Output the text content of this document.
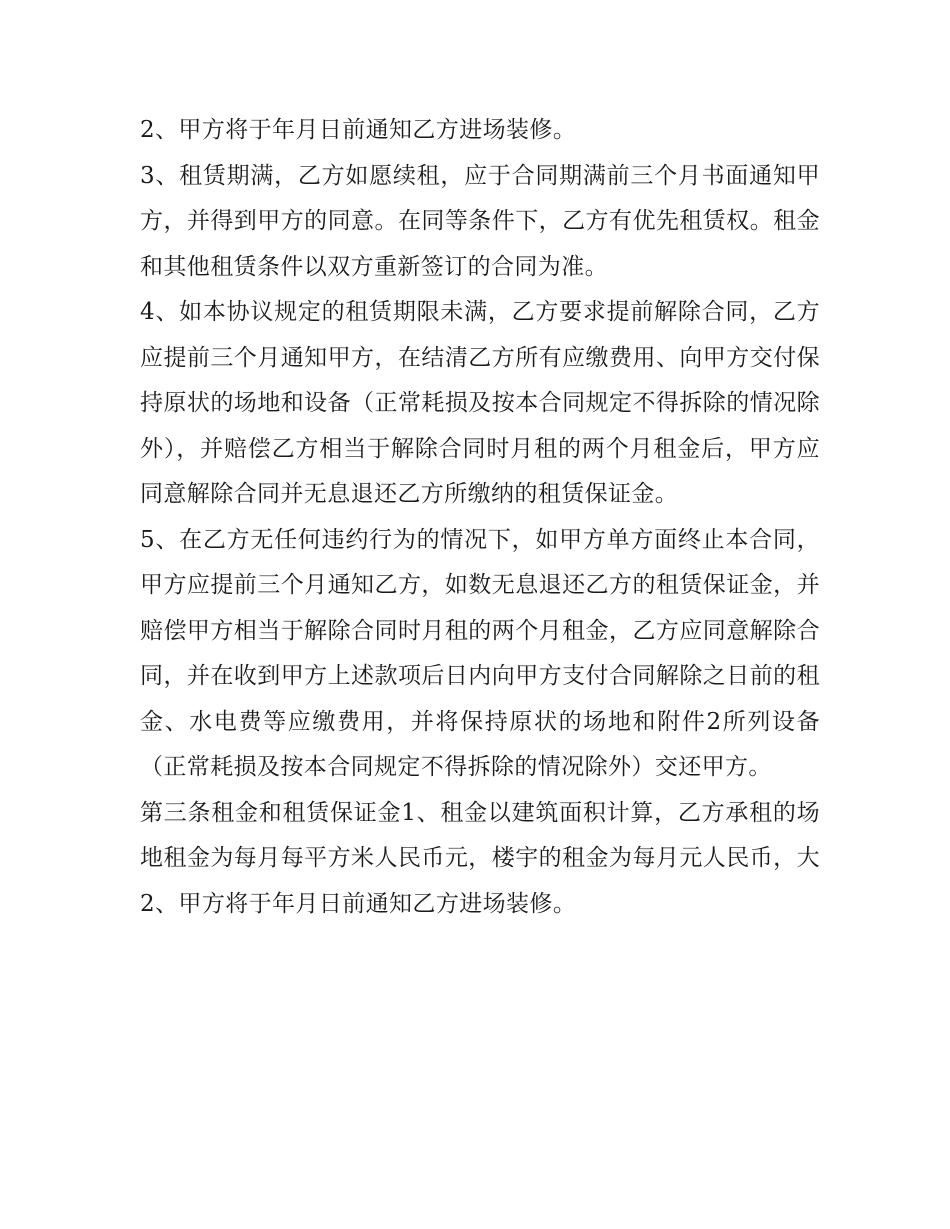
2、甲方将于年月日前通知乙方进场装修。

3、租赁期满，乙方如愿续租，应于合同期满前三个月书面通知甲方，并得到甲方的同意。在同等条件下，乙方有优先租赁权。租金和其他租赁条件以双方重新签订的合同为准。

4、如本协议规定的租赁期限未满，乙方要求提前解除合同，乙方应提前三个月通知甲方，在结清乙方所有应缴费用、向甲方交付保持原状的场地和设备（正常耗损及按本合同规定不得拆除的情况除外），并赔偿乙方相当于解除合同时月租的两个月租金后，甲方应同意解除合同并无息退还乙方所缴纳的租赁保证金。

5、在乙方无任何违约行为的情况下，如甲方单方面终止本合同，甲方应提前三个月通知乙方，如数无息退还乙方的租赁保证金，并赔偿甲方相当于解除合同时月租的两个月租金，乙方应同意解除合同，并在收到甲方上述款项后日内向甲方支付合同解除之日前的租金、水电费等应缴费用，并将保持原状的场地和附件2所列设备（正常耗损及按本合同规定不得拆除的情况除外）交还甲方。

第三条租金和租赁保证金1、租金以建筑面积计算，乙方承租的场地租金为每月每平方米人民币元，楼宇的租金为每月元人民币，大2、甲方将于年月日前通知乙方进场装修。
